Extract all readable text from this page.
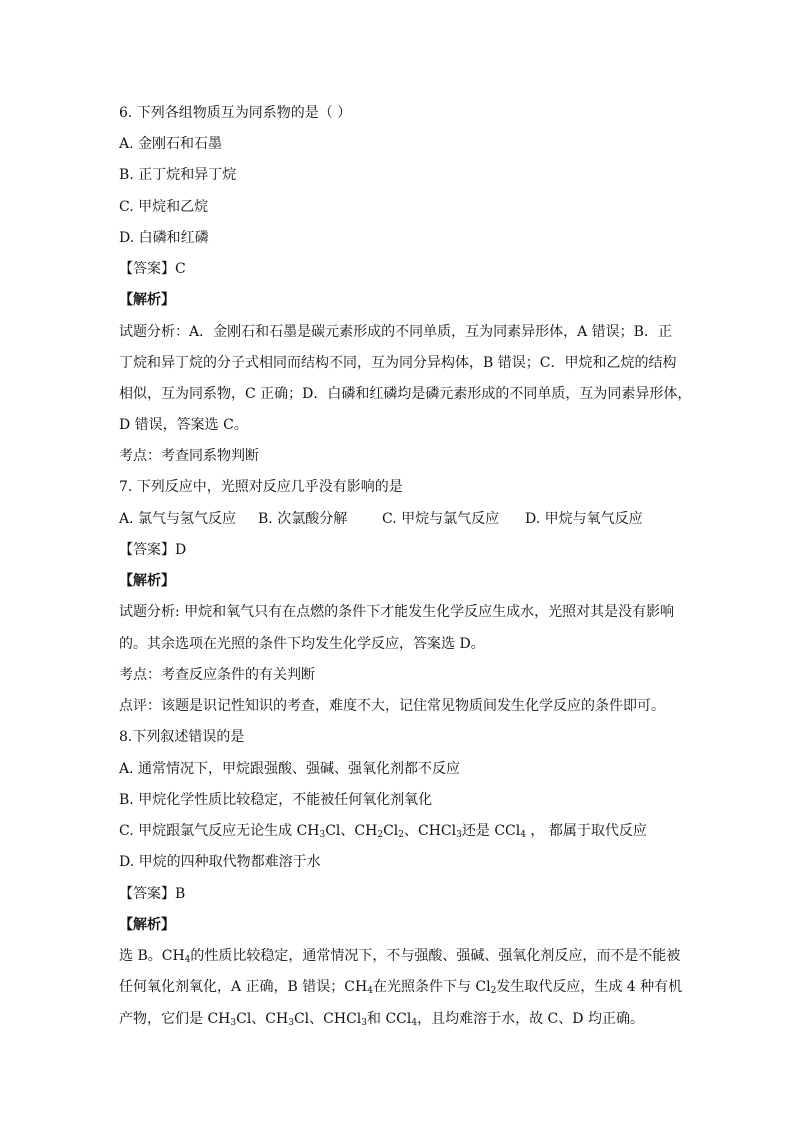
6. 下列各组物质互为同系物的是（ ）
A. 金刚石和石墨
B. 正丁烷和异丁烷
C. 甲烷和乙烷
D. 白磷和红磷
【答案】C
【解析】
试题分析：A．金刚石和石墨是碳元素形成的不同单质，互为同素异形体，A 错误；B．正
丁烷和异丁烷的分子式相同而结构不同，互为同分异构体，B 错误；C．甲烷和乙烷的结构
相似，互为同系物，C 正确；D．白磷和红磷均是磷元素形成的不同单质，互为同素异形体，
D 错误，答案选 C。
考点：考查同系物判断
7. 下列反应中，光照对反应几乎没有影响的是
A. 氯气与氢气反应 B. 次氯酸分解 C. 甲烷与氯气反应 D. 甲烷与氧气反应
【答案】D
【解析】
试题分析: 甲烷和氧气只有在点燃的条件下才能发生化学反应生成水，光照对其是没有影响
的。其余选项在光照的条件下均发生化学反应，答案选 D。
考点：考查反应条件的有关判断
点评：该题是识记性知识的考查，难度不大，记住常见物质间发生化学反应的条件即可。
8.下列叙述错误的是
A. 通常情况下，甲烷跟强酸、强碱、强氧化剂都不反应
B. 甲烷化学性质比较稳定，不能被任何氧化剂氧化
C. 甲烷跟氯气反应无论生成 $CH_3Cl$、$CH_2Cl_2$、CHCl$_3$还是 CCl$_4$ ， 都属于取代反应
D. 甲烷的四种取代物都难溶于水
【答案】B
【解析】
选 B。$CH_4$的性质比较稳定，通常情况下，不与强酸、强碱、强氧化剂反应，而不是不能被
任何氧化剂氧化，A 正确，B 错误；$CH_4$在光照条件下与 $Cl_2$发生取代反应，生成 4 种有机
产物，它们是 $CH_3Cl$、$CH_3Cl$、CHCl$_3$和 CCl$_4$，且均难溶于水，故 C、D 均正确。
